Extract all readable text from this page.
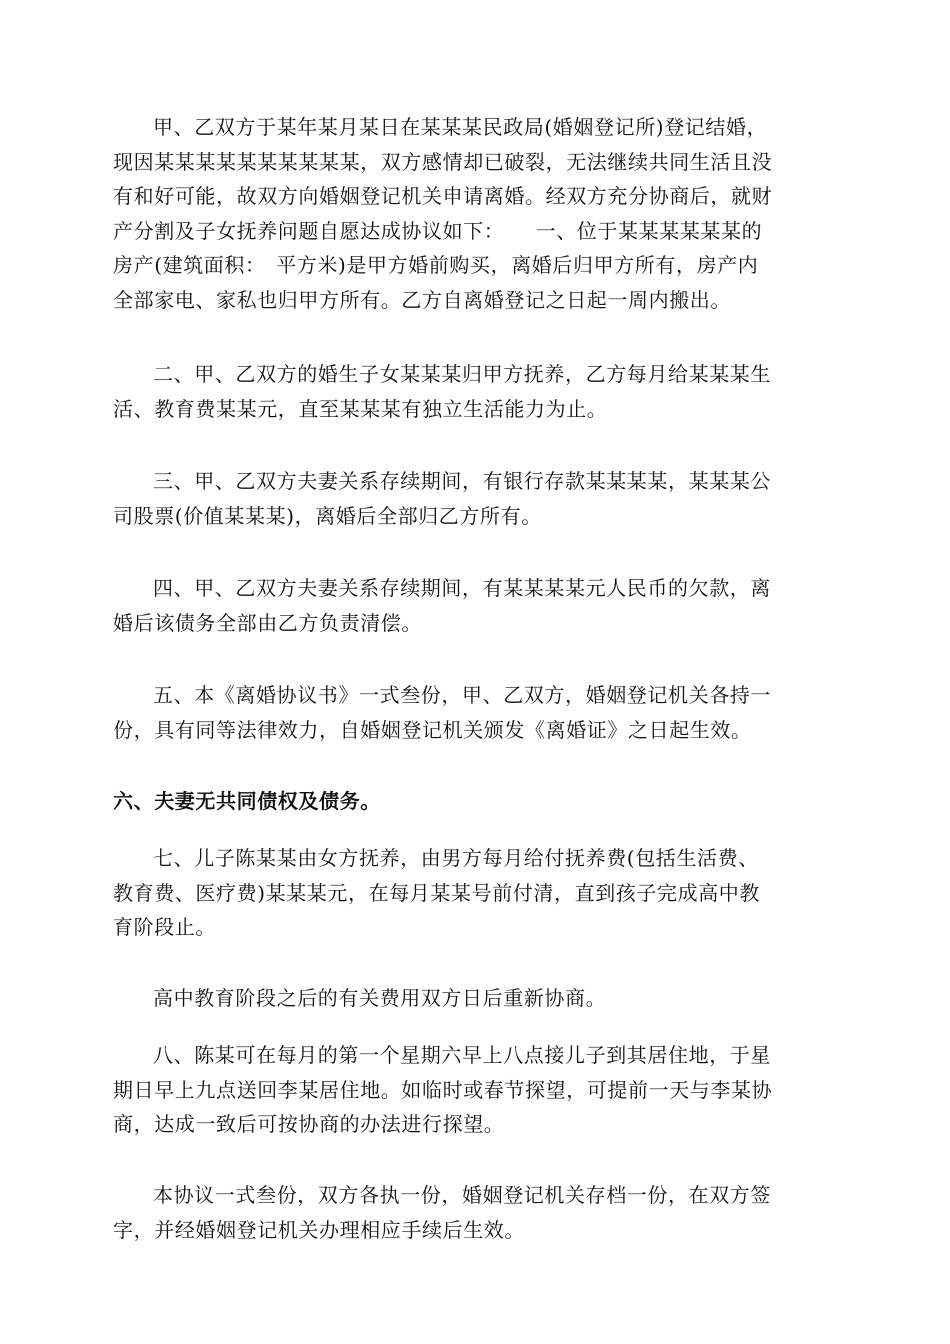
甲、乙双方于某年某月某日在某某某民政局(婚姻登记所)登记结婚，
现因某某某某某某某某某某，双方感情却已破裂，无法继续共同生活且没
有和好可能，故双方向婚姻登记机关申请离婚。经双方充分协商后，就财
产分割及子女抚养问题自愿达成协议如下：　　一、位于某某某某某某的
房产(建筑面积：　平方米)是甲方婚前购买，离婚后归甲方所有，房产内
全部家电、家私也归甲方所有。乙方自离婚登记之日起一周内搬出。

二、甲、乙双方的婚生子女某某某归甲方抚养，乙方每月给某某某生
活、教育费某某元，直至某某某有独立生活能力为止。

三、甲、乙双方夫妻关系存续期间，有银行存款某某某某，某某某公
司股票(价值某某某)，离婚后全部归乙方所有。

四、甲、乙双方夫妻关系存续期间，有某某某某元人民币的欠款，离
婚后该债务全部由乙方负责清偿。

五、本《离婚协议书》一式叁份，甲、乙双方，婚姻登记机关各持一
份，具有同等法律效力，自婚姻登记机关颁发《离婚证》之日起生效。

六、夫妻无共同债权及债务。

七、儿子陈某某由女方抚养，由男方每月给付抚养费(包括生活费、
教育费、医疗费)某某某元，在每月某某号前付清，直到孩子完成高中教
育阶段止。

高中教育阶段之后的有关费用双方日后重新协商。

八、陈某可在每月的第一个星期六早上八点接儿子到其居住地，于星
期日早上九点送回李某居住地。如临时或春节探望，可提前一天与李某协
商，达成一致后可按协商的办法进行探望。

本协议一式叁份，双方各执一份，婚姻登记机关存档一份，在双方签
字，并经婚姻登记机关办理相应手续后生效。
